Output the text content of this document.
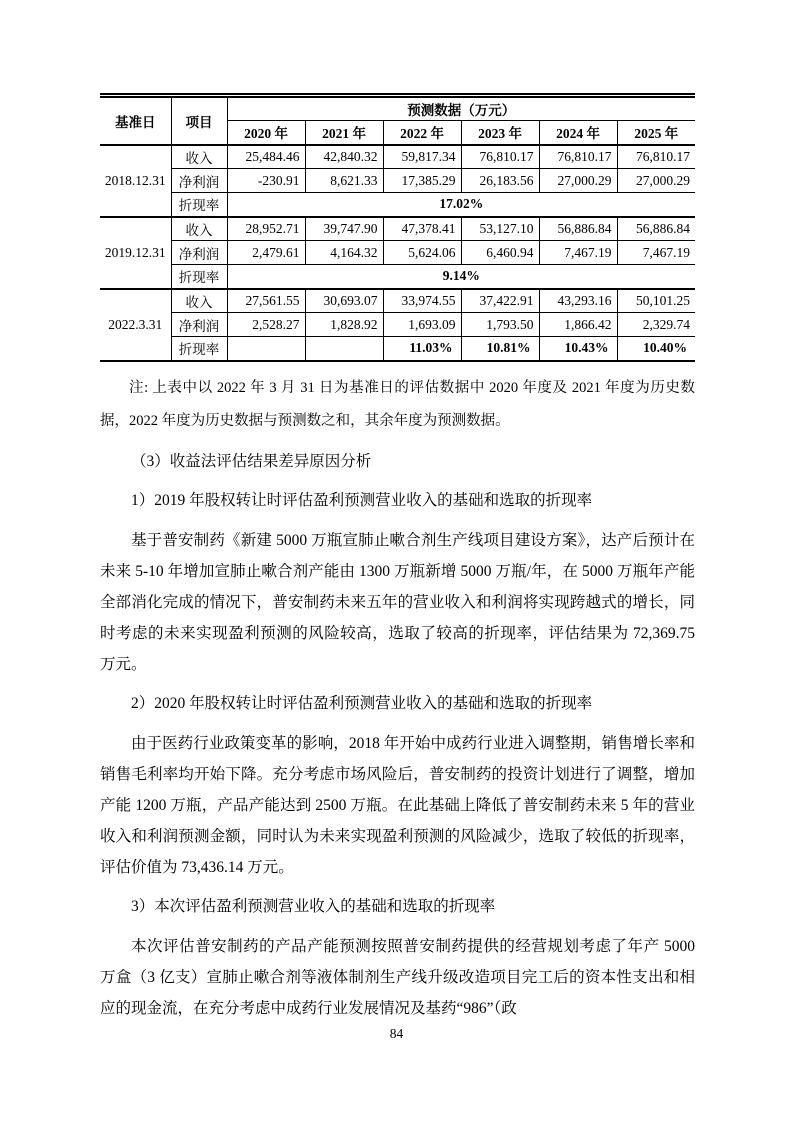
基准日	项目	预测数据（万元）					
		2020 年	2021 年	2022 年	2023 年	2024 年	2025 年
2018.12.31	收入	25,484.46	42,840.32	59,817.34	76,810.17	76,810.17	76,810.17
	净利润	-230.91	8,621.33	17,385.29	26,183.56	27,000.29	27,000.29
	折现率	17.02%					
2019.12.31	收入	28,952.71	39,747.90	47,378.41	53,127.10	56,886.84	56,886.84
	净利润	2,479.61	4,164.32	5,624.06	6,460.94	7,467.19	7,467.19
	折现率	9.14%					
2022.3.31	收入	27,561.55	30,693.07	33,974.55	37,422.91	43,293.16	50,101.25
	净利润	2,528.27	1,828.92	1,693.09	1,793.50	1,866.42	2,329.74
	折现率			11.03%	10.81%	10.43%	10.40%

注: 上表中以 2022 年 3 月 31 日为基准日的评估数据中 2020 年度及 2021 年度为历史数据，2022 年度为历史数据与预测数之和，其余年度为预测数据。

（3）收益法评估结果差异原因分析

1）2019 年股权转让时评估盈利预测营业收入的基础和选取的折现率

基于普安制药《新建 5000 万瓶宣肺止嗽合剂生产线项目建设方案》，达产后预计在未来 5-10 年增加宣肺止嗽合剂产能由 1300 万瓶新增 5000 万瓶/年，在 5000 万瓶年产能全部消化完成的情况下，普安制药未来五年的营业收入和利润将实现跨越式的增长，同时考虑的未来实现盈利预测的风险较高，选取了较高的折现率，评估结果为 72,369.75 万元。

2）2020 年股权转让时评估盈利预测营业收入的基础和选取的折现率

由于医药行业政策变革的影响，2018 年开始中成药行业进入调整期，销售增长率和销售毛利率均开始下降。充分考虑市场风险后，普安制药的投资计划进行了调整，增加产能 1200 万瓶，产品产能达到 2500 万瓶。在此基础上降低了普安制药未来 5 年的营业收入和利润预测金额，同时认为未来实现盈利预测的风险减少，选取了较低的折现率，评估价值为 73,436.14 万元。

3）本次评估盈利预测营业收入的基础和选取的折现率

本次评估普安制药的产品产能预测按照普安制药提供的经营规划考虑了年产 5000 万盒（3 亿支）宣肺止嗽合剂等液体制剂生产线升级改造项目完工后的资本性支出和相应的现金流，在充分考虑中成药行业发展情况及基药“986”（政

84
